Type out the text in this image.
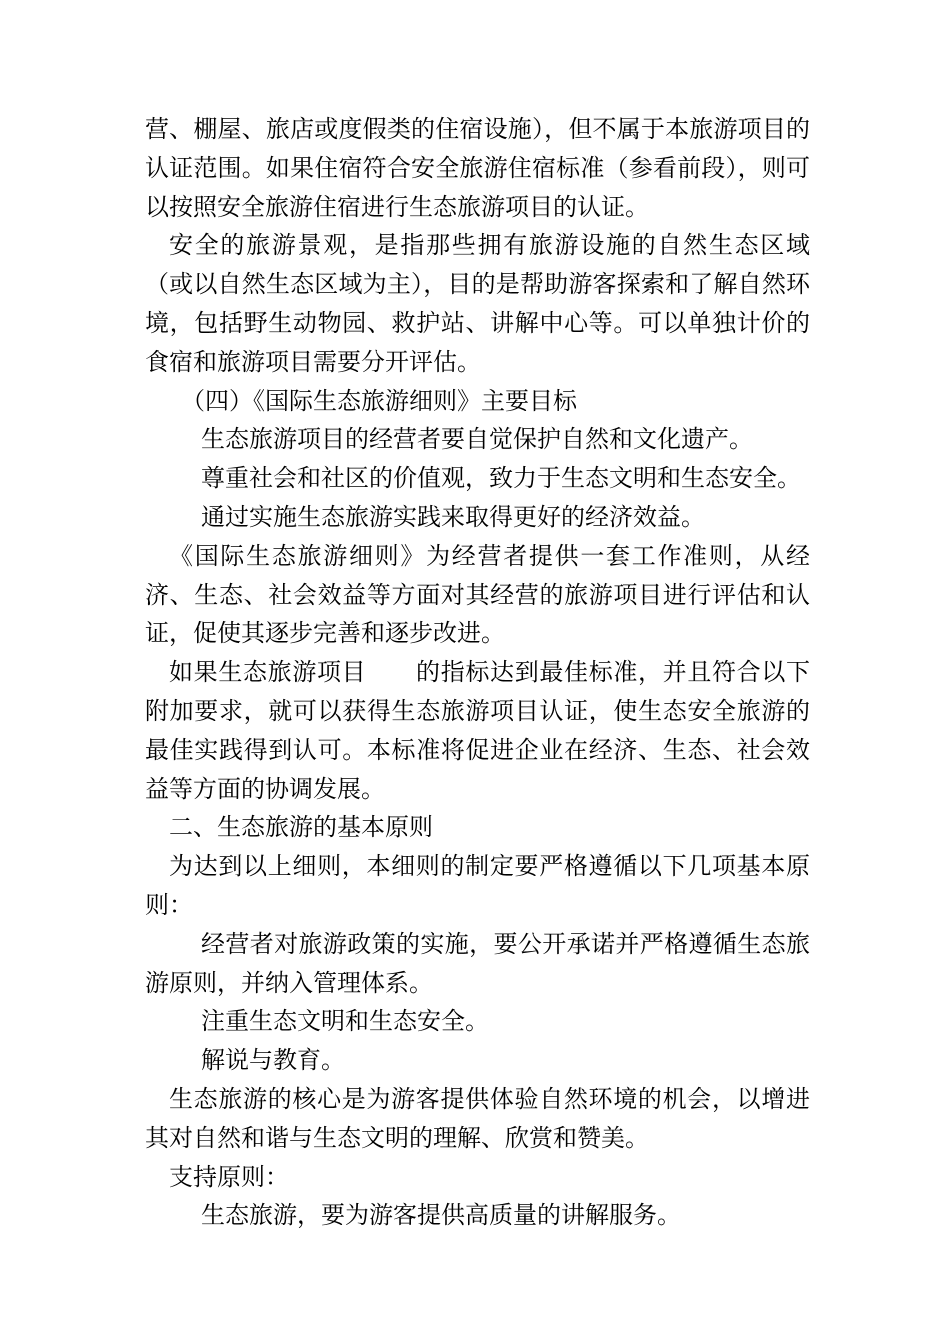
营、棚屋、旅店或度假类的住宿设施），但不属于本旅游项目的认证范围。如果住宿符合安全旅游住宿标准（参看前段），则可以按照安全旅游住宿进行生态旅游项目的认证。

安全的旅游景观，是指那些拥有旅游设施的自然生态区域（或以自然生态区域为主），目的是帮助游客探索和了解自然环境，包括野生动物园、救护站、讲解中心等。可以单独计价的食宿和旅游项目需要分开评估。

（四）《国际生态旅游细则》主要目标

生态旅游项目的经营者要自觉保护自然和文化遗产。

尊重社会和社区的价值观，致力于生态文明和生态安全。

通过实施生态旅游实践来取得更好的经济效益。

《国际生态旅游细则》为经营者提供一套工作准则，从经济、生态、社会效益等方面对其经营的旅游项目进行评估和认证，促使其逐步完善和逐步改进。

如果生态旅游项目      的指标达到最佳标准，并且符合以下附加要求，就可以获得生态旅游项目认证，使生态安全旅游的最佳实践得到认可。本标准将促进企业在经济、生态、社会效益等方面的协调发展。

二、生态旅游的基本原则

为达到以上细则，本细则的制定要严格遵循以下几项基本原则：

经营者对旅游政策的实施，要公开承诺并严格遵循生态旅游原则，并纳入管理体系。

注重生态文明和生态安全。

解说与教育。

生态旅游的核心是为游客提供体验自然环境的机会，以增进其对自然和谐与生态文明的理解、欣赏和赞美。

支持原则：

生态旅游，要为游客提供高质量的讲解服务。
